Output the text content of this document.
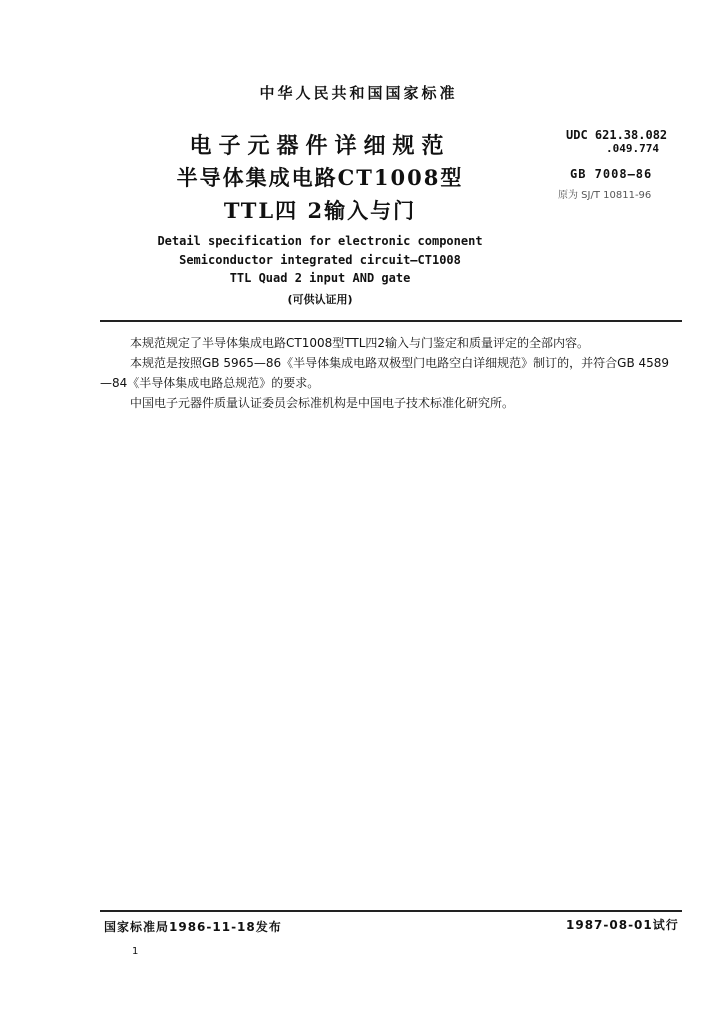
中华人民共和国国家标准
电子元器件详细规范
半导体集成电路CT1008型
TTL四 2输入与门
Detail specification for electronic component
Semiconductor integrated circuit—CT1008
TTL Quad 2 input AND gate
(可供认证用)
UDC 621.38.082
.049.774
GB 7008—86
原为 SJ/T 10811-96
本规范规定了半导体集成电路CT1008型TTL四2输入与门鉴定和质量评定的全部内容。
本规范是按照GB 5965—86《半导体集成电路双极型门电路空白详细规范》制订的，并符合GB 4589—84《半导体集成电路总规范》的要求。
中国电子元器件质量认证委员会标准机构是中国电子技术标准化研究所。
国家标准局1986-11-18发布	1987-08-01试行
1
